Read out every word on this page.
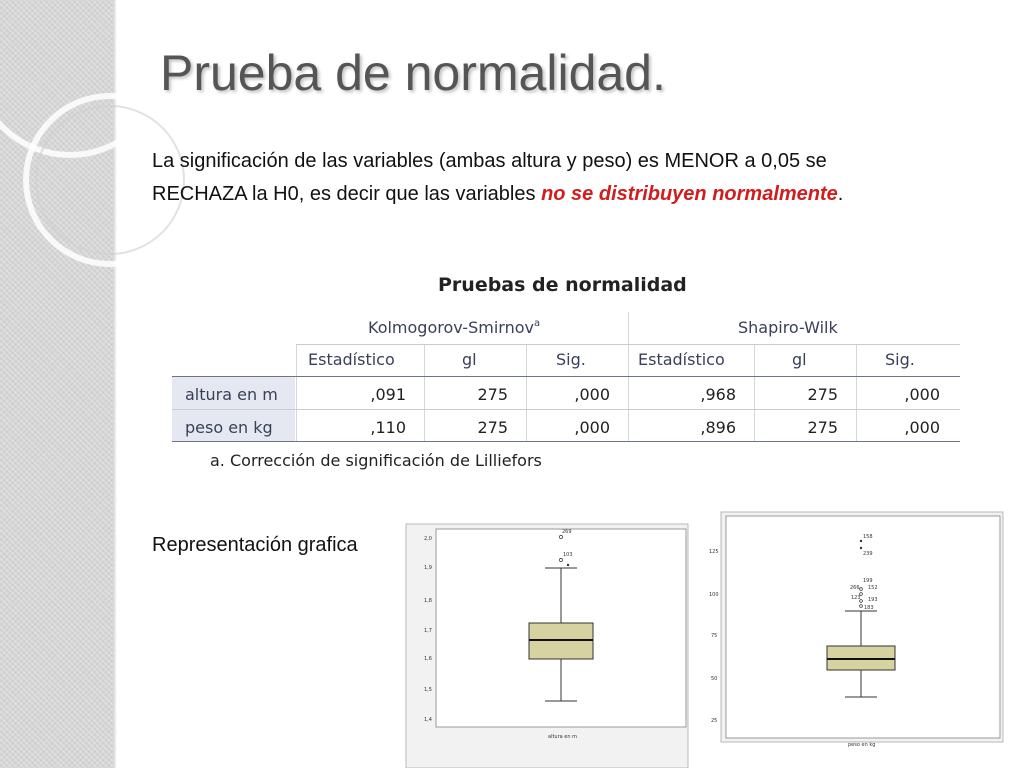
Prueba de normalidad.
La significación de las variables (ambas altura y peso) es MENOR a 0,05 se RECHAZA la H0, es decir que las variables no se distribuyen normalmente.
Pruebas de normalidad
Kolmogorov-Smirnov$^a$	Shapiro-Wilk
Estadístico	gl	Sig.	Estadístico	gl	Sig.
altura en m	,091	275	,000	,968	275	,000
peso en kg	,110	275	,000	,896	275	,000
a. Corrección de significación de Lilliefors
Representación grafica	2,0
1,9
1,8
1,7
1,6
1,5
1,4
269
103
altura en m
125
100
75
50
25
158
239
199
266 152
123 193
183
peso en kg
